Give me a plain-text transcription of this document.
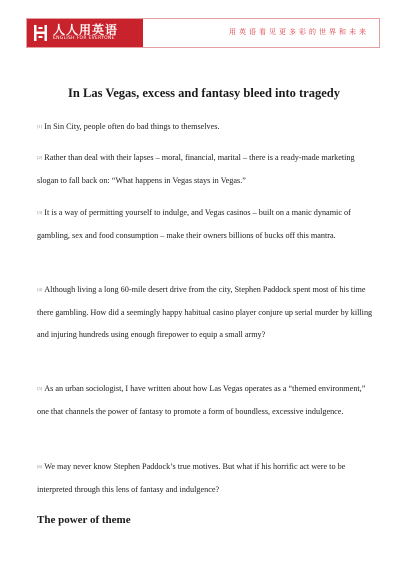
人人用英语
ENGLISH FOR EVERYONE
用英语看见更多彩的世界和未来
In Las Vegas, excess and fantasy bleed into tragedy

[1] In Sin City, people often do bad things to themselves.

[2] Rather than deal with their lapses – moral, financial, marital – there is a ready-made marketing slogan to fall back on: “What happens in Vegas stays in Vegas.”

[3] It is a way of permitting yourself to indulge, and Vegas casinos – built on a manic dynamic of gambling, sex and food consumption – make their owners billions of bucks off this mantra.

[4] Although living a long 60-mile desert drive from the city, Stephen Paddock spent most of his time there gambling. How did a seemingly happy habitual casino player conjure up serial murder by killing and injuring hundreds using enough firepower to equip a small army?

[5] As an urban sociologist, I have written about how Las Vegas operates as a “themed environment,” one that channels the power of fantasy to promote a form of boundless, excessive indulgence.

[6] We may never know Stephen Paddock’s true motives. But what if his horrific act were to be interpreted through this lens of fantasy and indulgence?

The power of theme
